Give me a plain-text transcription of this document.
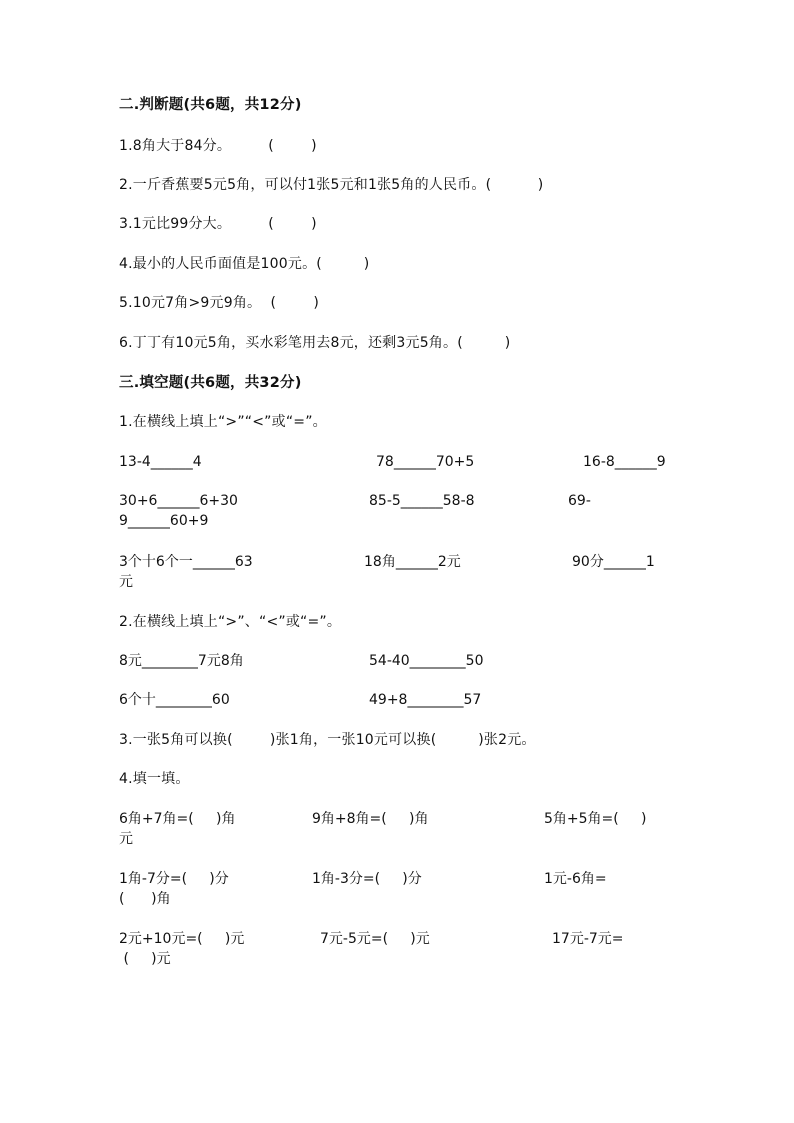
二.判断题(共6题，共12分)
1.8角大于84分。        (        )
2.一斤香蕉要5元5角，可以付1张5元和1张5角的人民币。(          )
3.1元比99分大。        (        )
4.最小的人民币面值是100元。(         )
5.10元7角>9元9角。  (        )
6.丁丁有10元5角，买水彩笔用去8元，还剩3元5角。(         )
三.填空题(共6题，共32分)
1.在横线上填上“>”“<”或“=”。
13-4______4	78______70+5	16-8______9
30+6______6+30	85-5______58-8	69-
9______60+9
3个十6个一______63	18角______2元	90分______1
元
2.在横线上填上“>”、“<”或“=”。
8元________7元8角	54-40________50
6个十________60	49+8________57
3.一张5角可以换(        )张1角，一张10元可以换(         )张2元。
4.填一填。
6角+7角=(     )角	9角+8角=(     )角	5角+5角=(     )
元
1角-7分=(     )分	1角-3分=(     )分	1元-6角=
(      )角
2元+10元=(     )元	7元-5元=(     )元	17元-7元=
(     )元
